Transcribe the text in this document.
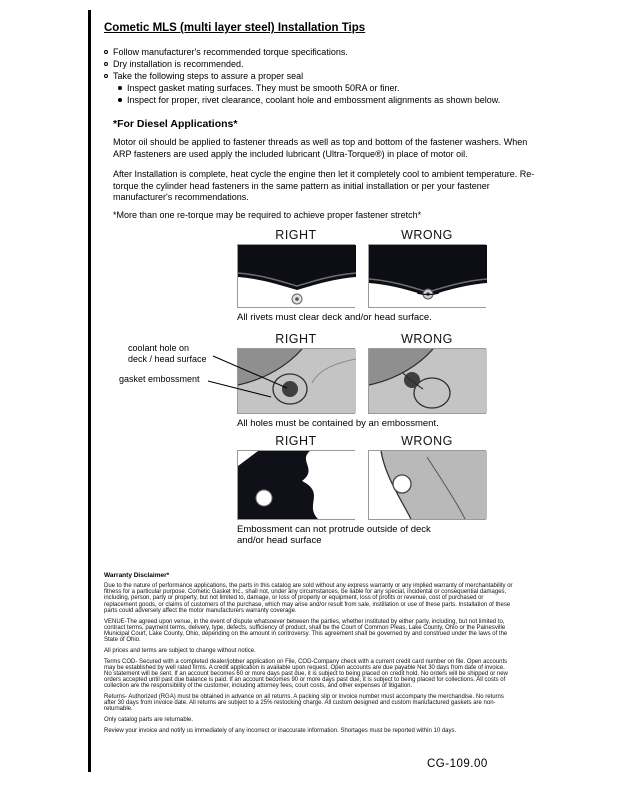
Cometic MLS (multi layer steel) Installation Tips
Follow manufacturer's recommended torque specifications.
Dry installation is recommended.
Take the following steps to assure a proper seal
Inspect gasket mating surfaces. They must be smooth 50RA or finer.
Inspect for proper, rivet clearance, coolant hole and embossment alignments as shown below.
*For Diesel Applications*
Motor oil should be applied to fastener threads as well as top and bottom of the fastener washers. When ARP fasteners are used apply the included lubricant (Ultra-Torque®) in place of motor oil.
After Installation is complete, heat cycle the engine then let it completely cool to ambient temperature. Re-torque the cylinder head fasteners in the same pattern as initial installation or per your fastener manufacturer's recommendations.
*More than one re-torque may be required to achieve proper fastener stretch*
RIGHT	WRONG
All rivets must clear deck and/or head surface.
RIGHT	WRONG
All holes must be contained by an embossment.
coolant hole on
deck / head surface
gasket embossment
RIGHT	WRONG
Embossment can not protrude outside of deck
and/or head surface
Warranty Disclaimer*
Due to the nature of performance applications, the parts in this catalog are sold without any express warranty or any implied warranty of merchantability or fitness for a particular purpose. Cometic Gasket Inc., shall not, under any circumstances, be liable for any special, incidental or consequential damages, including, person, party or property, but not limited to, damage, or loss of property or equipment, loss of profits or revenue, cost of purchased or replacement goods, or claims of customers of the purchase, which may arise and/or result from sale, instillation or use of these parts. Installation of these parts could adversely affect the motor manufacturers warranty coverage.
VENUE-The agreed upon venue, in the event of dispute whatsoever between the parties, whether instituted by either party, including, but not limited to, contract terms, payment terms, delivery, type, defects, sufficiency of product, shall be the Court of Common Pleas, Lake County, Ohio or the Painesville Municipal Court, Lake County, Ohio, depending on the amount in controversy. This agreement shall be governed by and construed under the laws of the State of Ohio.
All prices and terms are subject to change without notice.
Terms COD- Secured with a completed dealer/jobber application on File, COD-Company check with a current credit card number on file. Open accounts may be established by well rated firms. A credit application is available upon request. Open accounts are due payable Net 30 days from date of invoice. No statement will be sent. If an account becomes 60 or more days past due, it is subject to being placed on credit hold. No orders will be shipped or new orders accepted until past due balance is paid. If an account becomes 90 or more days past due, it is subject to being placed for collections. All costs of collection are the responsibility of the customer, including attorney fees, court costs, and other expenses of litigation.
Returns- Authorized (RGA) must be obtained in advance on all returns. A packing slip or invoice number must accompany the merchandise. No returns after 30 days from invoice date. All returns are subject to a 25% restocking charge. All custom designed and custom manufactured gaskets are non-returnable.
Only catalog parts are returnable.
Review your invoice and notify us immediately of any incorrect or inaccurate information. Shortages must be reported within 10 days.
CG-109.00
